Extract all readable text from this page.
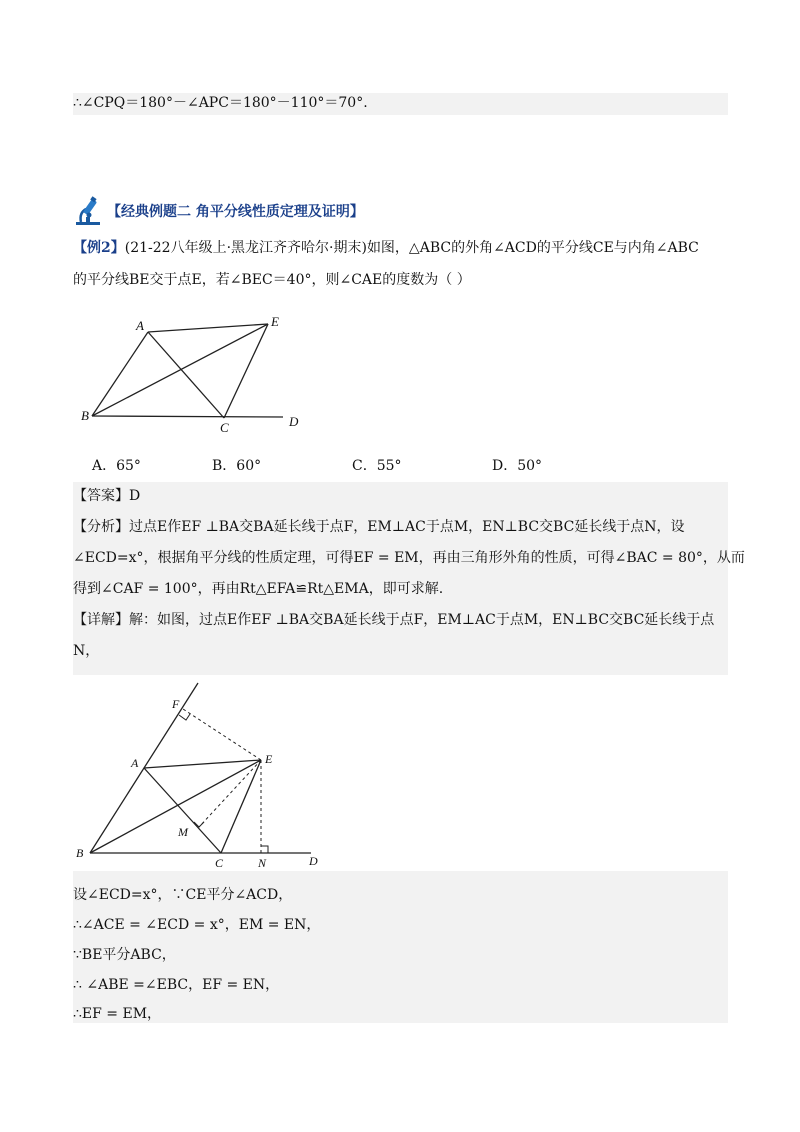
∴∠CPQ＝180°－∠APC＝180°－110°＝70°.
【经典例题二 角平分线性质定理及证明】
【例2】(21-22八年级上·黑龙江齐齐哈尔·期末)如图，△ABC的外角∠ACD的平分线CE与内角∠ABC
的平分线BE交于点E，若∠BEC＝40°，则∠CAE的度数为（ ）
A	E
B
C	D
A．65°	B．60°	C．55°	D．50°
【答案】D
【分析】过点E作EF ⊥BA交BA延长线于点F，EM⊥AC于点M，EN⊥BC交BC延长线于点N，设
∠ECD=x°，根据角平分线的性质定理，可得EF = EM，再由三角形外角的性质，可得∠BAC = 80°，从而
得到∠CAF = 100°，再由Rt△EFA≌Rt△EMA，即可求解.
【详解】解：如图，过点E作EF ⊥BA交BA延长线于点F，EM⊥AC于点M，EN⊥BC交BC延长线于点
N，
F
A	E
M
B
C	N	D
设∠ECD=x°，∵CE平分∠ACD，
∴∠ACE = ∠ECD = x°，EM = EN，
∵BE平分ABC，
∴ ∠ABE =∠EBC，EF = EN，
∴EF = EM，
